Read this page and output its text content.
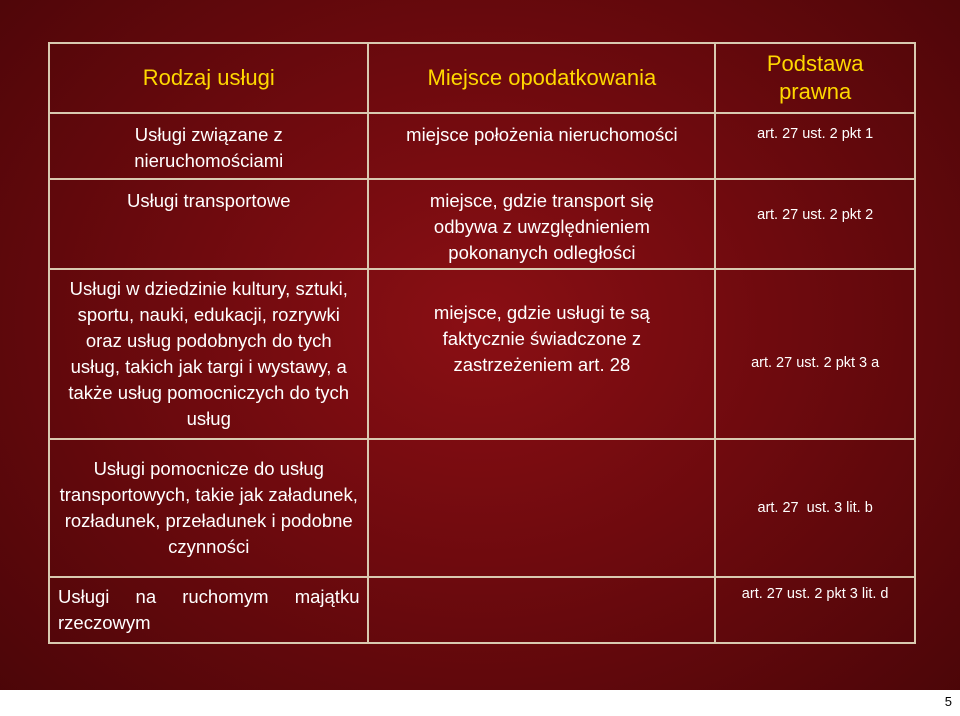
Rodzaj usługi	Miejsce opodatkowania	Podstawa prawna
Usługi związane z nieruchomościami	miejsce położenia nieruchomości	art. 27 ust. 2 pkt 1
Usługi transportowe	miejsce, gdzie transport się odbywa z uwzględnieniem pokonanych odległości	art. 27 ust. 2 pkt 2
Usługi w dziedzinie kultury, sztuki, sportu, nauki, edukacji, rozrywki oraz usług podobnych do tych usług, takich jak targi i wystawy, a także usług pomocniczych do tych usług	miejsce, gdzie usługi te są faktycznie świadczone z zastrzeżeniem art. 28	art. 27 ust. 2 pkt 3 a
Usługi pomocnicze do usług transportowych, takie jak załadunek, rozładunek, przeładunek i podobne czynności		art. 27  ust. 3 lit. b
Usługi na ruchomym majątku rzeczowym		art. 27 ust. 2 pkt 3 lit. d
5
